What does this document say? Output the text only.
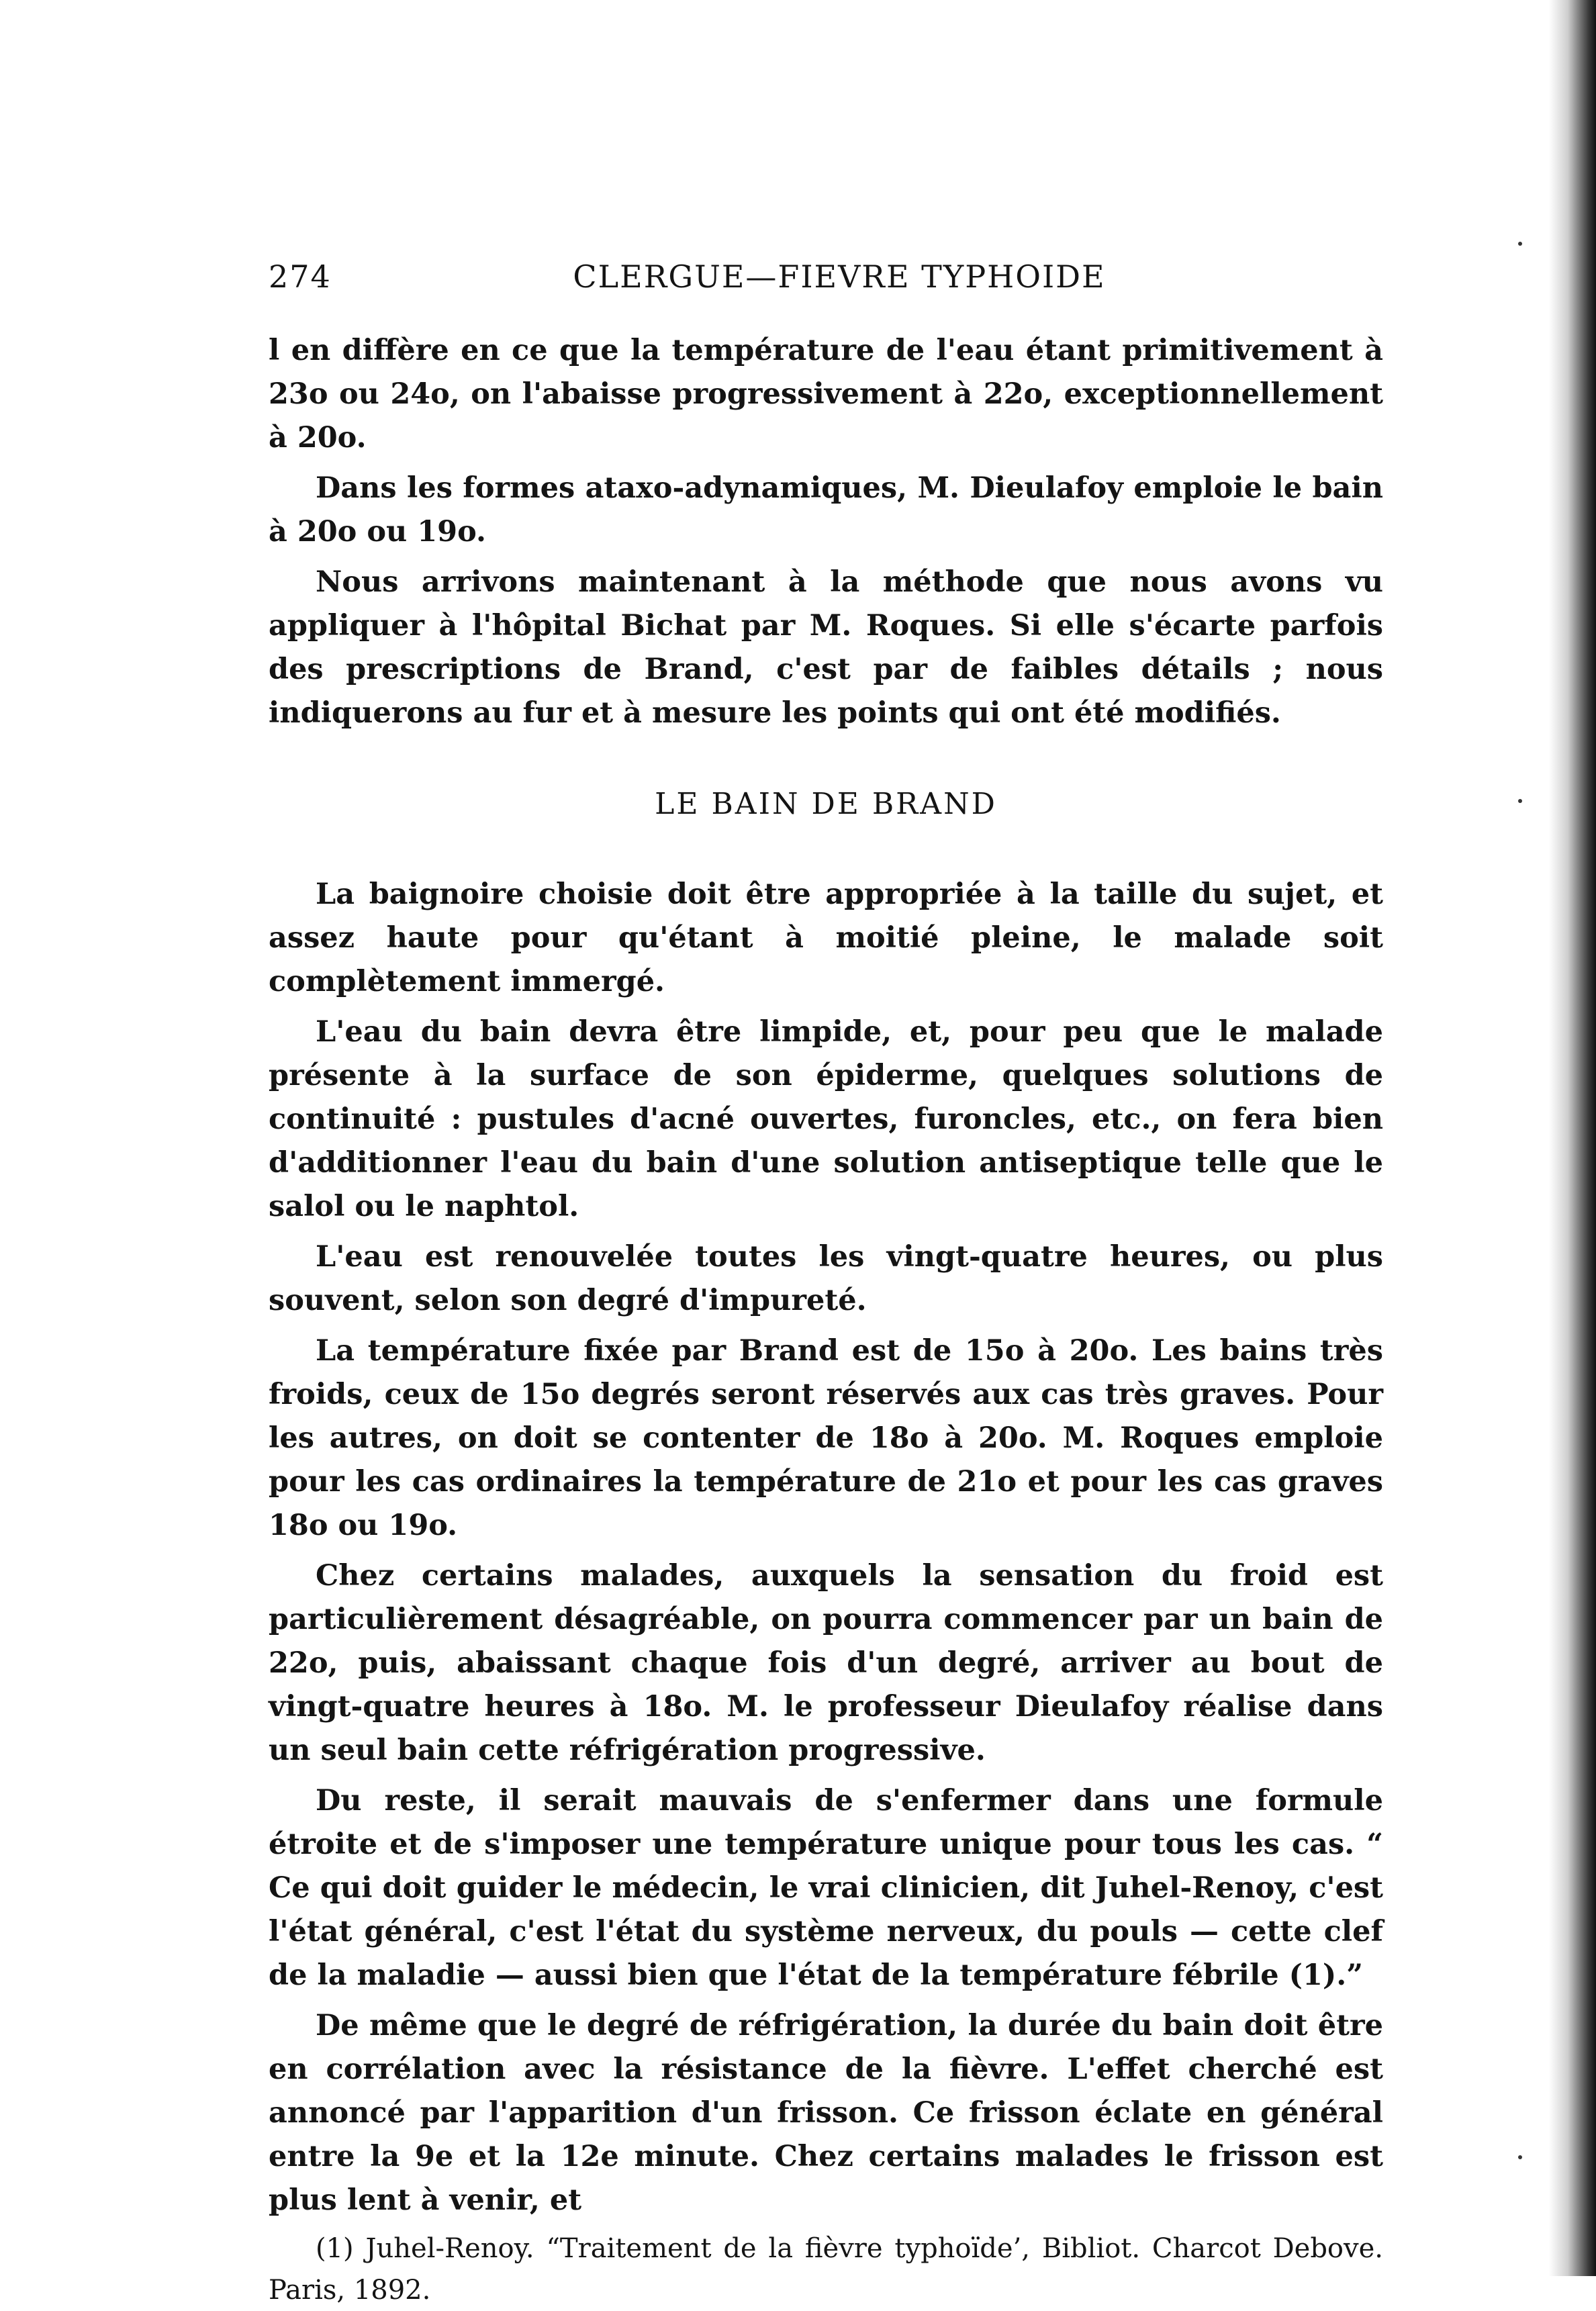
274	CLERGUE—FIEVRE TYPHOIDE

l en diffère en ce que la température de l'eau étant primitivement à 23o ou 24o, on l'abaisse progressivement à 22o, exceptionnellement à 20o.

Dans les formes ataxo-adynamiques, M. Dieulafoy emploie le bain à 20o ou 19o.

Nous arrivons maintenant à la méthode que nous avons vu appliquer à l'hôpital Bichat par M. Roques. Si elle s'écarte parfois des prescriptions de Brand, c'est par de faibles détails ; nous indiquerons au fur et à mesure les points qui ont été modifiés.

LE BAIN DE BRAND

La baignoire choisie doit être appropriée à la taille du sujet, et assez haute pour qu'étant à moitié pleine, le malade soit complètement immergé.

L'eau du bain devra être limpide, et, pour peu que le malade présente à la surface de son épiderme, quelques solutions de continuité : pustules d'acné ouvertes, furoncles, etc., on fera bien d'additionner l'eau du bain d'une solution antiseptique telle que le salol ou le naphtol.

L'eau est renouvelée toutes les vingt-quatre heures, ou plus souvent, selon son degré d'impureté.

La température fixée par Brand est de 15o à 20o. Les bains très froids, ceux de 15o degrés seront réservés aux cas très graves. Pour les autres, on doit se contenter de 18o à 20o. M. Roques emploie pour les cas ordinaires la température de 21o et pour les cas graves 18o ou 19o.

Chez certains malades, auxquels la sensation du froid est particulièrement désagréable, on pourra commencer par un bain de 22o, puis, abaissant chaque fois d'un degré, arriver au bout de vingt-quatre heures à 18o. M. le professeur Dieulafoy réalise dans un seul bain cette réfrigération progressive.

Du reste, il serait mauvais de s'enfermer dans une formule étroite et de s'imposer une température unique pour tous les cas. “ Ce qui doit guider le médecin, le vrai clinicien, dit Juhel-Renoy, c'est l'état général, c'est l'état du système nerveux, du pouls — cette clef de la maladie — aussi bien que l'état de la température fébrile (1).”

De même que le degré de réfrigération, la durée du bain doit être en corrélation avec la résistance de la fièvre. L'effet cherché est annoncé par l'apparition d'un frisson. Ce frisson éclate en général entre la 9e et la 12e minute. Chez certains malades le frisson est plus lent à venir, et

(1) Juhel-Renoy. “Traitement de la fièvre typhoïde’, Bibliot. Charcot Debove. Paris, 1892.
